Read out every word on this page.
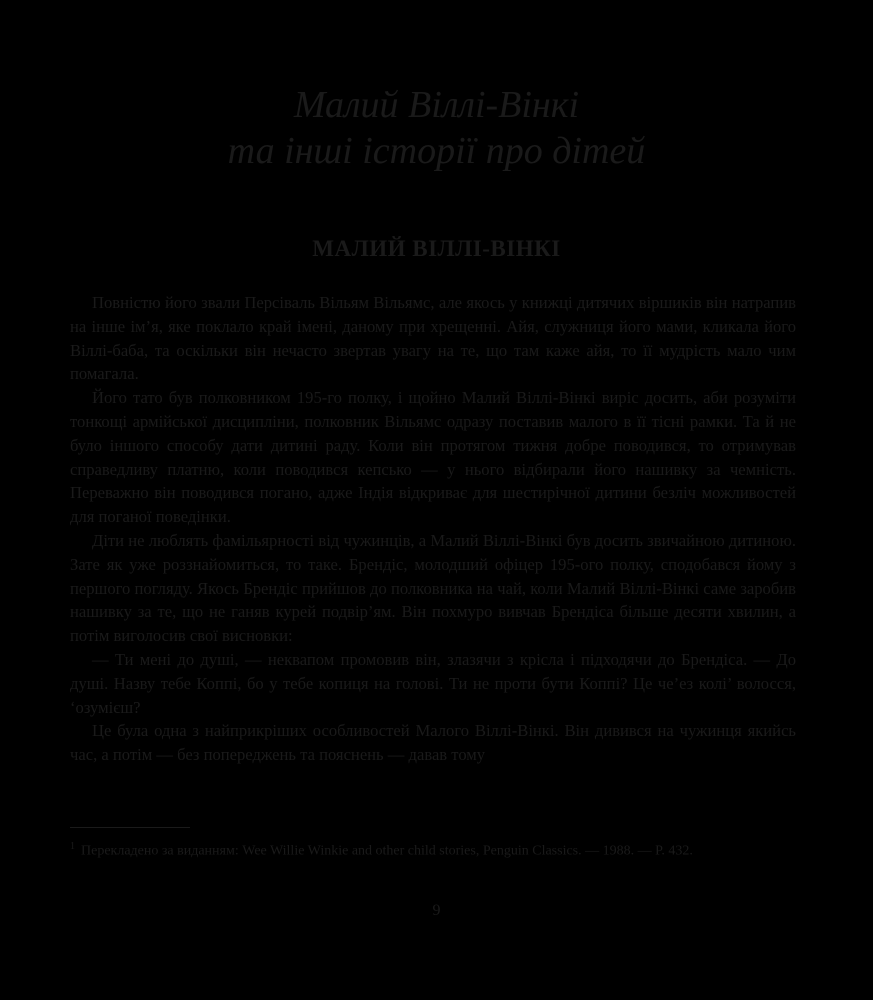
Малий Віллі-Вінкі
та інші історії про дітей
МАЛИЙ ВІЛЛІ-ВІНКІ

Повністю його звали Персіваль Вільям Вільямс, але якось у книжці дитячих віршиків він натрапив на інше ім’я, яке поклало край імені, даному при хрещенні. Айя, служниця його мами, кликала його Віллі-баба, та оскільки він нечасто звертав увагу на те, що там каже айя, то її мудрість мало чим помагала.

Його тато був полковником 195-го полку, і щойно Малий Віллі-Вінкі виріс досить, аби розуміти тонкощі армійської дисципліни, полковник Вільямс одразу поставив малого в її тісні рамки. Та й не було іншого способу дати дитині раду. Коли він протягом тижня добре поводився, то отримував справедливу платню, коли поводився кепсько — у нього відбирали його нашивку за чемність. Переважно він поводився погано, адже Індія відкриває для шестирічної дитини безліч можливостей для поганої поведінки.

Діти не люблять фамільярності від чужинців, а Малий Віллі-Вінкі був досить звичайною дитиною. Зате як уже роззнайомиться, то таке. Брендіс, молодший офіцер 195-ого полку, сподобався йому з першого погляду. Якось Брендіс прийшов до полковника на чай, коли Малий Віллі-Вінкі саме заробив нашивку за те, що не ганяв курей подвір’ям. Він похмуро вивчав Брендіса більше десяти хвилин, а потім виголосив свої висновки:

— Ти мені до душі, — неквапом промовив він, злазячи з крісла і підходячи до Брендіса. — До душі. Назву тебе Коппі, бо у тебе копиця на голові. Ти не проти бути Коппі? Це че’ез колі’ волосся, ‘озумієш?

Це була одна з найприкріших особливостей Малого Віллі-Вінкі. Він дивився на чужинця якийсь час, а потім — без попереджень та пояснень — давав тому

$^1$ Перекладено за виданням: Wee Willie Winkie and other child stories, Penguin Classics. — 1988. — P. 432.
9
